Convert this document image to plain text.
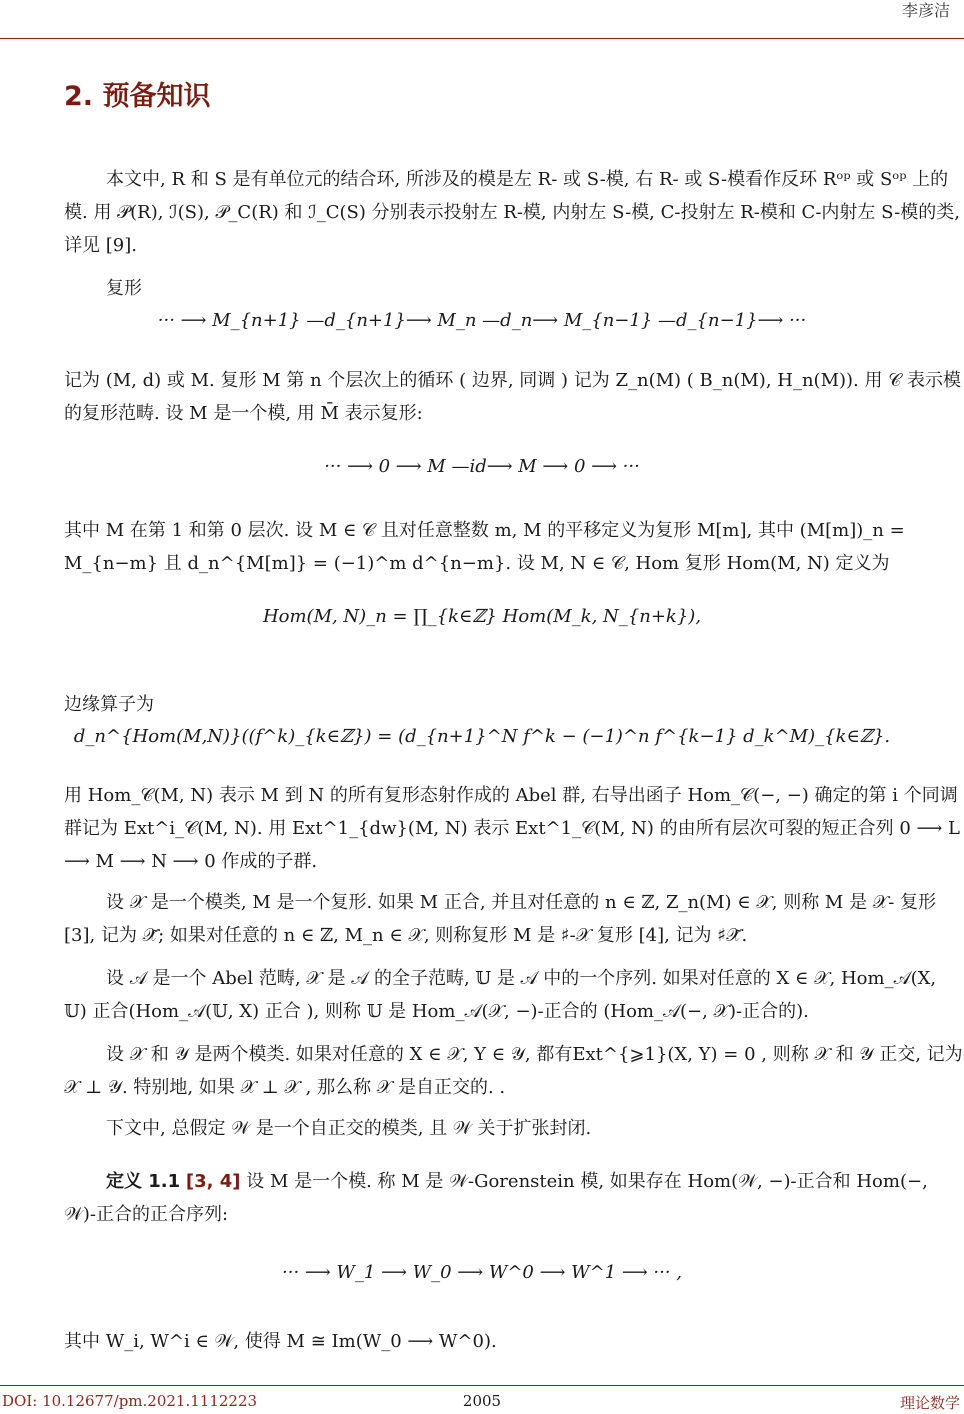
李彦洁
2. 预备知识
本文中, R 和 S 是有单位元的结合环, 所涉及的模是左 R- 或 S-模, 右 R- 或 S-模看作反环 Rᵒᵖ 或 Sᵒᵖ 上的模. 用 𝒫(R), ℐ(S), 𝒫_C(R) 和 ℐ_C(S) 分别表示投射左 R-模, 内射左 S-模, C-投射左 R-模和 C-内射左 S-模的类, 详见 [9].
复形
··· ⟶ M_{n+1} —d_{n+1}⟶ M_n —d_n⟶ M_{n−1} —d_{n−1}⟶ ···
记为 (M, d) 或 M. 复形 M 第 n 个层次上的循环 ( 边界, 同调 ) 记为 Z_n(M) ( B_n(M), H_n(M)). 用 𝒞 表示模的复形范畴. 设 M 是一个模, 用 M̄ 表示复形:
··· ⟶ 0 ⟶ M —id⟶ M ⟶ 0 ⟶ ···
其中 M 在第 1 和第 0 层次. 设 M ∈ 𝒞 且对任意整数 m, M 的平移定义为复形 M[m], 其中 (M[m])_n = M_{n−m} 且 d_n^{M[m]} = (−1)^m d^{n−m}. 设 M, N ∈ 𝒞, Hom 复形 Hom(M, N) 定义为
Hom(M, N)_n = ∏_{k∈ℤ} Hom(M_k, N_{n+k}),
边缘算子为
d_n^{Hom(M,N)}((f^k)_{k∈ℤ}) = (d_{n+1}^N f^k − (−1)^n f^{k−1} d_k^M)_{k∈ℤ}.
用 Hom_𝒞(M, N) 表示 M 到 N 的所有复形态射作成的 Abel 群, 右导出函子 Hom_𝒞(−, −) 确定的第 i 个同调群记为 Ext^i_𝒞(M, N). 用 Ext^1_{dw}(M, N) 表示 Ext^1_𝒞(M, N) 的由所有层次可裂的短正合列 0 ⟶ L ⟶ M ⟶ N ⟶ 0 作成的子群.
设 𝒳 是一个模类, M 是一个复形. 如果 M 正合, 并且对任意的 n ∈ ℤ, Z_n(M) ∈ 𝒳, 则称 M 是 𝒳- 复形 [3], 记为 𝒳̃; 如果对任意的 n ∈ ℤ, M_n ∈ 𝒳, 则称复形 M 是 ♯-𝒳 复形 [4], 记为 ♯𝒳̃.
设 𝒜 是一个 Abel 范畴, 𝒳 是 𝒜 的全子范畴, 𝕌 是 𝒜 中的一个序列. 如果对任意的 X ∈ 𝒳, Hom_𝒜(X, 𝕌) 正合(Hom_𝒜(𝕌, X) 正合 ), 则称 𝕌 是 Hom_𝒜(𝒳, −)-正合的 (Hom_𝒜(−, 𝒳)-正合的).
设 𝒳 和 𝒴 是两个模类. 如果对任意的 X ∈ 𝒳, Y ∈ 𝒴, 都有Ext^{⩾1}(X, Y) = 0 , 则称 𝒳 和 𝒴 正交, 记为𝒳 ⊥ 𝒴. 特别地, 如果 𝒳 ⊥ 𝒳 , 那么称 𝒳 是自正交的. .
下文中, 总假定 𝒲 是一个自正交的模类, 且 𝒲 关于扩张封闭.
定义 1.1 [3, 4] 设 M 是一个模. 称 M 是 𝒲-Gorenstein 模, 如果存在 Hom(𝒲, −)-正合和 Hom(−, 𝒲)-正合的正合序列:
··· ⟶ W_1 ⟶ W_0 ⟶ W^0 ⟶ W^1 ⟶ ··· ,
其中 W_i, W^i ∈ 𝒲, 使得 M ≅ Im(W_0 ⟶ W^0).
DOI: 10.12677/pm.2021.1112223	2005	理论数学
